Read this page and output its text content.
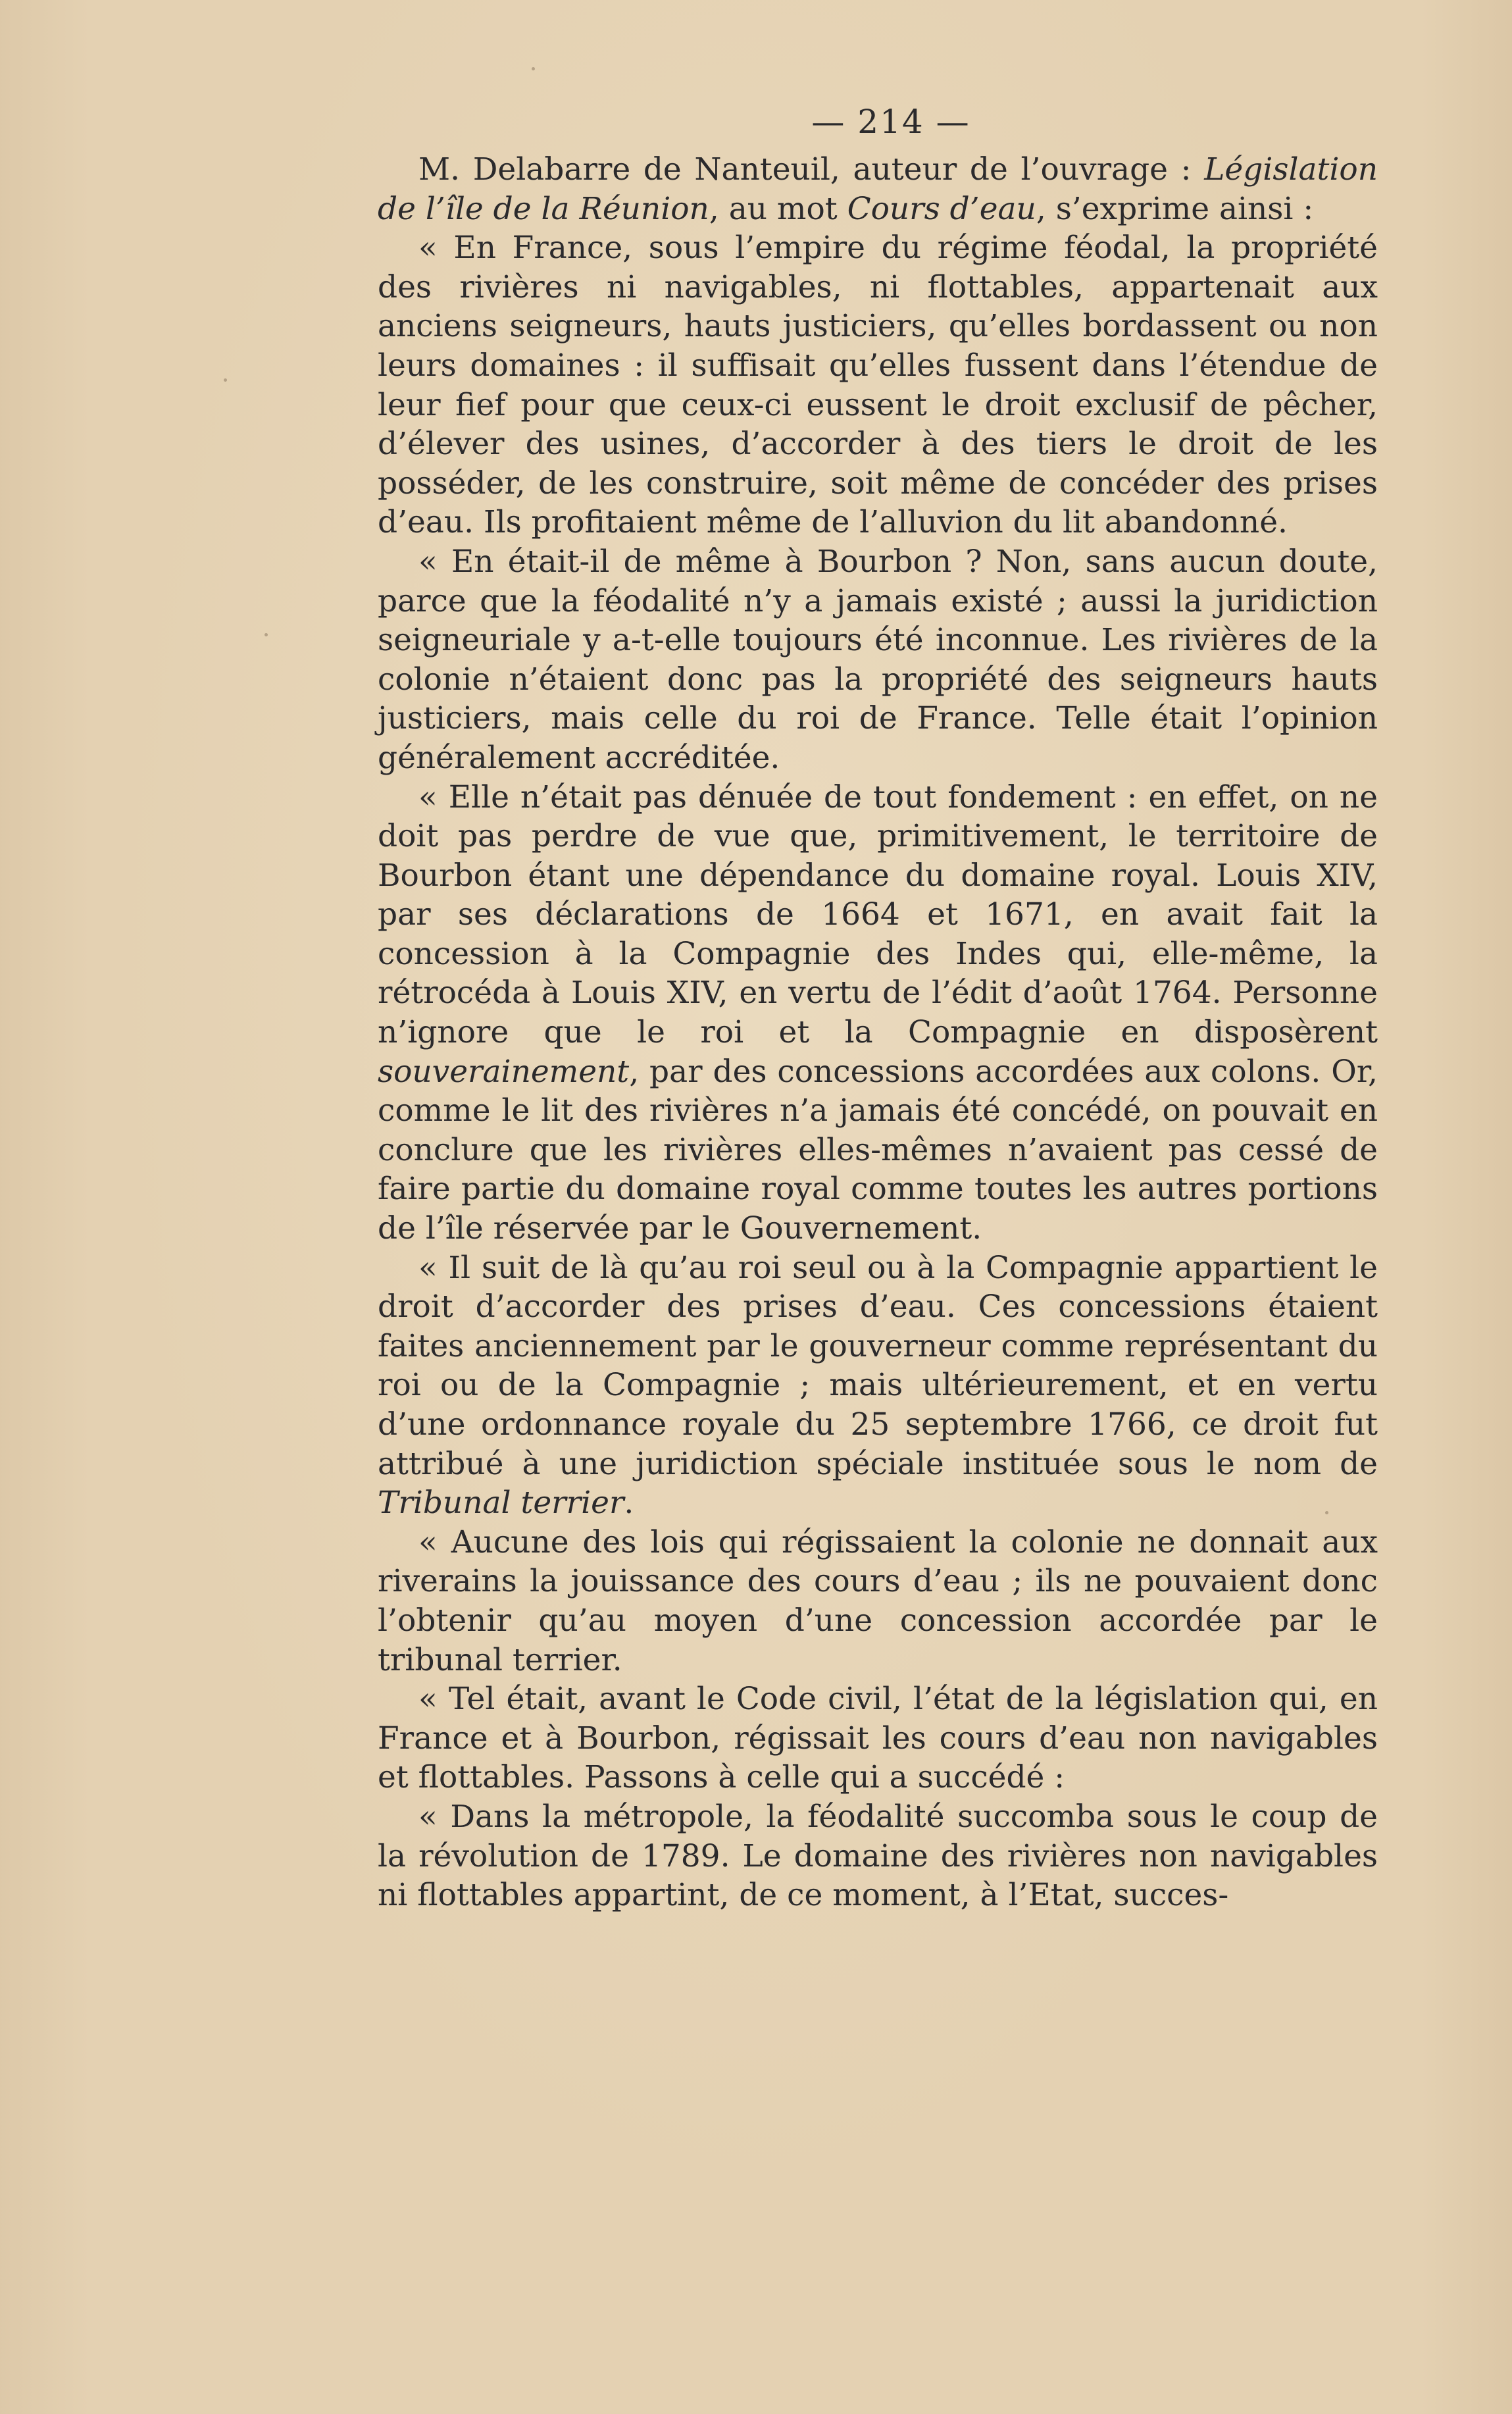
— 214 —

M. Delabarre de Nanteuil, auteur de l’ouvrage : Législation de l’île de la Réunion, au mot Cours d’eau, s’exprime ainsi :

« En France, sous l’empire du régime féodal, la propriété des rivières ni navigables, ni flottables, appartenait aux anciens seigneurs, hauts justiciers, qu’elles bordassent ou non leurs domaines : il suffisait qu’elles fussent dans l’étendue de leur fief pour que ceux-ci eussent le droit exclusif de pêcher, d’élever des usines, d’accorder à des tiers le droit de les posséder, de les construire, soit même de concéder des prises d’eau. Ils profitaient même de l’alluvion du lit abandonné.

« En était-il de même à Bourbon ? Non, sans aucun doute, parce que la féodalité n’y a jamais existé ; aussi la juridiction seigneuriale y a-t-elle toujours été inconnue. Les rivières de la colonie n’étaient donc pas la propriété des seigneurs hauts justiciers, mais celle du roi de France. Telle était l’opinion généralement accréditée.

« Elle n’était pas dénuée de tout fondement : en effet, on ne doit pas perdre de vue que, primitivement, le territoire de Bourbon étant une dépendance du domaine royal. Louis XIV, par ses déclarations de 1664 et 1671, en avait fait la concession à la Compagnie des Indes qui, elle-même, la rétrocéda à Louis XIV, en vertu de l’édit d’août 1764. Personne n’ignore que le roi et la Compagnie en disposèrent souverainement, par des concessions accordées aux colons. Or, comme le lit des rivières n’a jamais été concédé, on pouvait en conclure que les rivières elles-mêmes n’avaient pas cessé de faire partie du domaine royal comme toutes les autres portions de l’île réservée par le Gouvernement.

« Il suit de là qu’au roi seul ou à la Compagnie appartient le droit d’accorder des prises d’eau. Ces concessions étaient faites anciennement par le gouverneur comme représentant du roi ou de la Compagnie ; mais ultérieurement, et en vertu d’une ordonnance royale du 25 septembre 1766, ce droit fut attribué à une juridiction spéciale instituée sous le nom de Tribunal terrier.

« Aucune des lois qui régissaient la colonie ne donnait aux riverains la jouissance des cours d’eau ; ils ne pouvaient donc l’obtenir qu’au moyen d’une concession accordée par le tribunal terrier.

« Tel était, avant le Code civil, l’état de la législation qui, en France et à Bourbon, régissait les cours d’eau non navigables et flottables. Passons à celle qui a succédé :

« Dans la métropole, la féodalité succomba sous le coup de la révolution de 1789. Le domaine des rivières non navigables ni flottables appartint, de ce moment, à l’Etat, succes-
